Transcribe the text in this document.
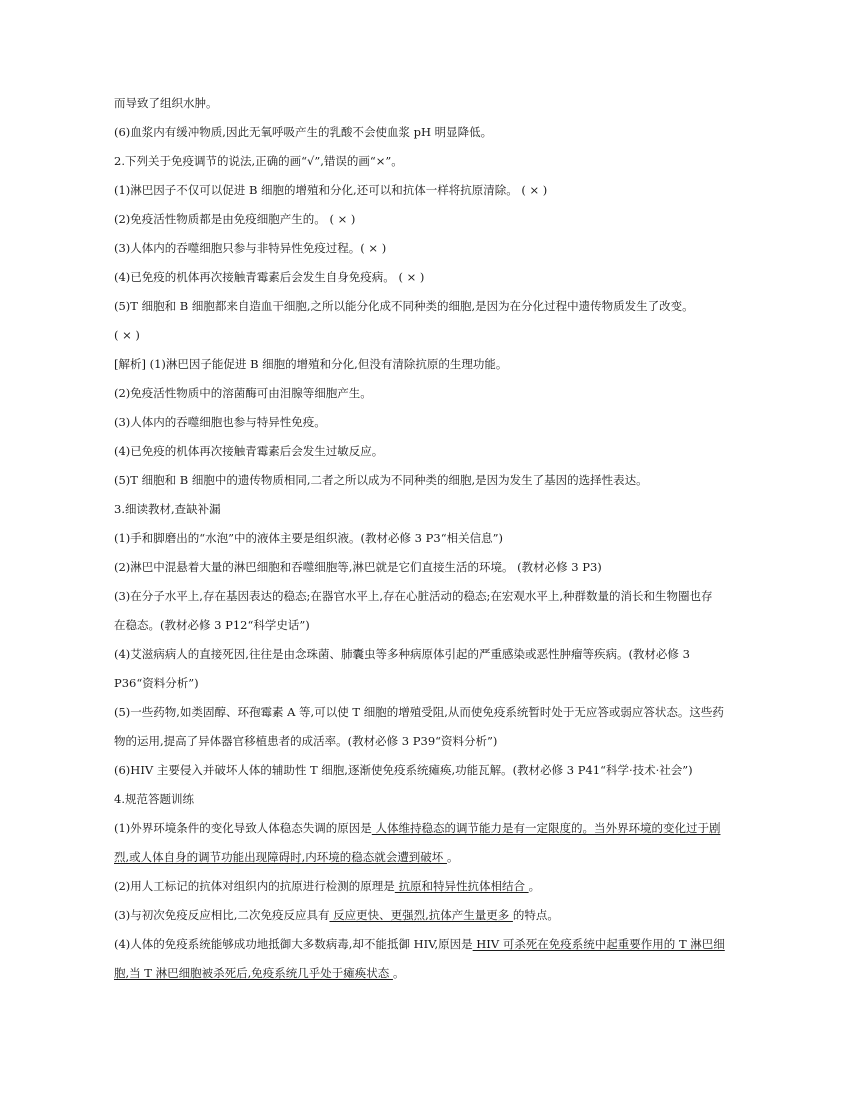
而导致了组织水肿。
(6)血浆内有缓冲物质,因此无氧呼吸产生的乳酸不会使血浆 pH 明显降低。
2.下列关于免疫调节的说法,正确的画“√”,错误的画“×”。
(1)淋巴因子不仅可以促进 B 细胞的增殖和分化,还可以和抗体一样将抗原清除。 ( × )
(2)免疫活性物质都是由免疫细胞产生的。 ( × )
(3)人体内的吞噬细胞只参与非特异性免疫过程。( × )
(4)已免疫的机体再次接触青霉素后会发生自身免疫病。 ( × )
(5)T 细胞和 B 细胞都来自造血干细胞,之所以能分化成不同种类的细胞,是因为在分化过程中遗传物质发生了改变。
( × )
[解析] (1)淋巴因子能促进 B 细胞的增殖和分化,但没有清除抗原的生理功能。
(2)免疫活性物质中的溶菌酶可由泪腺等细胞产生。
(3)人体内的吞噬细胞也参与特异性免疫。
(4)已免疫的机体再次接触青霉素后会发生过敏反应。
(5)T 细胞和 B 细胞中的遗传物质相同,二者之所以成为不同种类的细胞,是因为发生了基因的选择性表达。
3.细读教材,查缺补漏
(1)手和脚磨出的“水泡”中的液体主要是组织液。(教材必修 3 P3“相关信息”)
(2)淋巴中混悬着大量的淋巴细胞和吞噬细胞等,淋巴就是它们直接生活的环境。 (教材必修 3 P3)
(3)在分子水平上,存在基因表达的稳态;在器官水平上,存在心脏活动的稳态;在宏观水平上,种群数量的消长和生物圈也存
在稳态。(教材必修 3 P12“科学史话”)
(4)艾滋病病人的直接死因,往往是由念珠菌、肺囊虫等多种病原体引起的严重感染或恶性肿瘤等疾病。(教材必修 3
P36“资料分析”)
(5)一些药物,如类固醇、环孢霉素 A 等,可以使 T 细胞的增殖受阻,从而使免疫系统暂时处于无应答或弱应答状态。这些药
物的运用,提高了异体器官移植患者的成活率。(教材必修 3 P39“资料分析”)
(6)HIV 主要侵入并破坏人体的辅助性 T 细胞,逐渐使免疫系统瘫痪,功能瓦解。(教材必修 3 P41“科学·技术·社会”)
4.规范答题训练
(1)外界环境条件的变化导致人体稳态失调的原因是 人体维持稳态的调节能力是有一定限度的。当外界环境的变化过于剧
烈,或人体自身的调节功能出现障碍时,内环境的稳态就会遭到破坏 。
(2)用人工标记的抗体对组织内的抗原进行检测的原理是 抗原和特异性抗体相结合 。
(3)与初次免疫反应相比,二次免疫反应具有 反应更快、更强烈,抗体产生量更多 的特点。
(4)人体的免疫系统能够成功地抵御大多数病毒,却不能抵御 HIV,原因是 HIV 可杀死在免疫系统中起重要作用的 T 淋巴细
胞,当 T 淋巴细胞被杀死后,免疫系统几乎处于瘫痪状态 。
